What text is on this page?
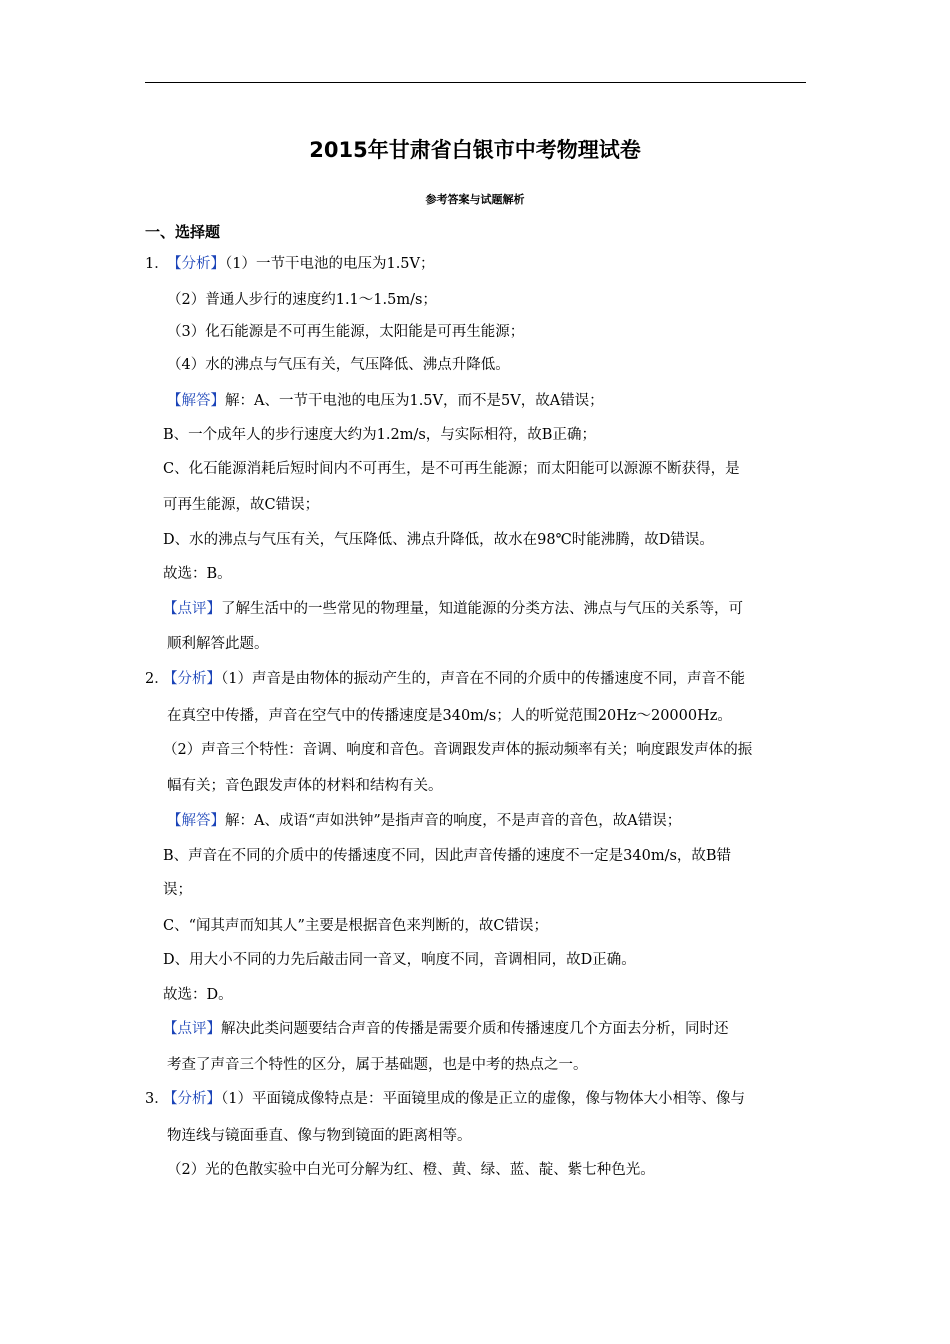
2015年甘肃省白银市中考物理试卷
参考答案与试题解析
一、选择题
1．【分析】（1）一节干电池的电压为1.5V；
（2）普通人步行的速度约1.1～1.5m/s；
（3）化石能源是不可再生能源，太阳能是可再生能源；
（4）水的沸点与气压有关，气压降低、沸点升降低。
【解答】解：A、一节干电池的电压为1.5V，而不是5V，故A错误；
B、一个成年人的步行速度大约为1.2m/s，与实际相符，故B正确；
C、化石能源消耗后短时间内不可再生，是不可再生能源；而太阳能可以源源不断获得，是
可再生能源，故C错误；
D、水的沸点与气压有关，气压降低、沸点升降低，故水在98℃时能沸腾，故D错误。
故选：B。
【点评】了解生活中的一些常见的物理量，知道能源的分类方法、沸点与气压的关系等，可
顺利解答此题。
2．【分析】（1）声音是由物体的振动产生的，声音在不同的介质中的传播速度不同，声音不能
在真空中传播，声音在空气中的传播速度是340m/s；人的听觉范围20Hz～20000Hz。
（2）声音三个特性：音调、响度和音色。音调跟发声体的振动频率有关；响度跟发声体的振
幅有关；音色跟发声体的材料和结构有关。
【解答】解：A、成语“声如洪钟”是指声音的响度，不是声音的音色，故A错误；
B、声音在不同的介质中的传播速度不同，因此声音传播的速度不一定是340m/s，故B错
误；
C、“闻其声而知其人”主要是根据音色来判断的，故C错误；
D、用大小不同的力先后敲击同一音叉，响度不同，音调相同，故D正确。
故选：D。
【点评】解决此类问题要结合声音的传播是需要介质和传播速度几个方面去分析，同时还
考查了声音三个特性的区分，属于基础题，也是中考的热点之一。
3．【分析】（1）平面镜成像特点是：平面镜里成的像是正立的虚像，像与物体大小相等、像与
物连线与镜面垂直、像与物到镜面的距离相等。
（2）光的色散实验中白光可分解为红、橙、黄、绿、蓝、靛、紫七种色光。
